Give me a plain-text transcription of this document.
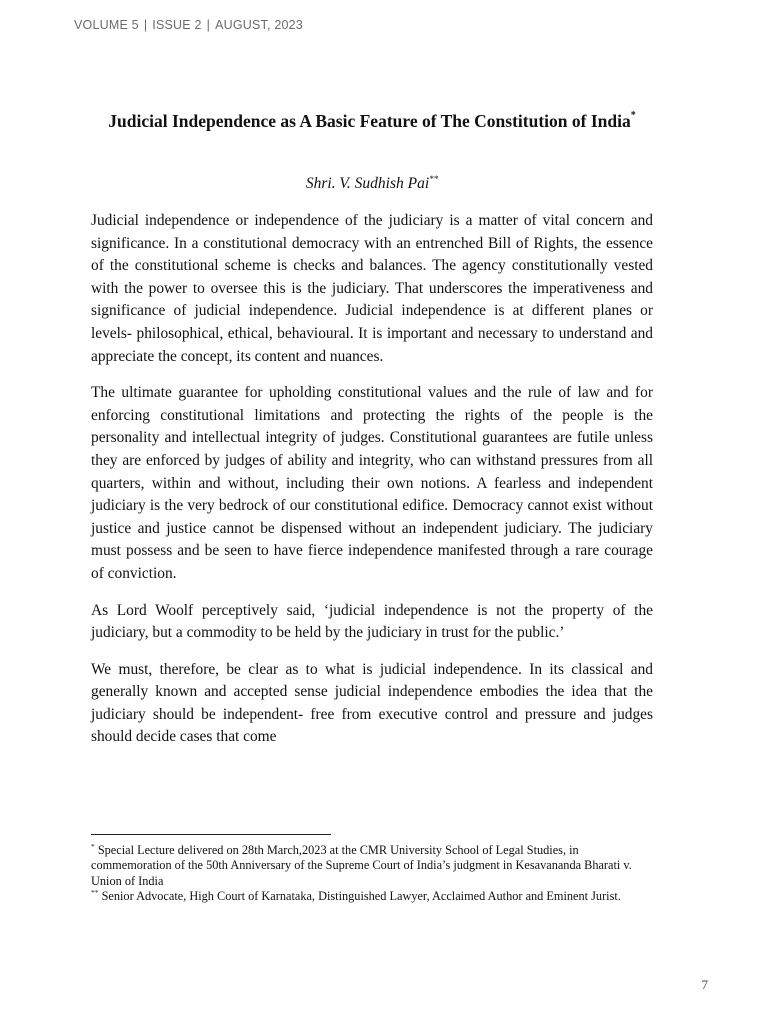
VOLUME 5 | ISSUE 2 | AUGUST, 2023
Judicial Independence as A Basic Feature of The Constitution of India*
Shri. V. Sudhish Pai**

Judicial independence or independence of the judiciary is a matter of vital concern and significance. In a constitutional democracy with an entrenched Bill of Rights, the essence of the constitutional scheme is checks and balances. The agency constitutionally vested with the power to oversee this is the judiciary. That underscores the imperativeness and significance of judicial independence. Judicial independence is at different planes or levels- philosophical, ethical, behavioural. It is important and necessary to understand and appreciate the concept, its content and nuances.

The ultimate guarantee for upholding constitutional values and the rule of law and for enforcing constitutional limitations and protecting the rights of the people is the personality and intellectual integrity of judges. Constitutional guarantees are futile unless they are enforced by judges of ability and integrity, who can withstand pressures from all quarters, within and without, including their own notions. A fearless and independent judiciary is the very bedrock of our constitutional edifice. Democracy cannot exist without justice and justice cannot be dispensed without an independent judiciary. The judiciary must possess and be seen to have fierce independence manifested through a rare courage of conviction.

As Lord Woolf perceptively said, ‘judicial independence is not the property of the judiciary, but a commodity to be held by the judiciary in trust for the public.’

We must, therefore, be clear as to what is judicial independence. In its classical and generally known and accepted sense judicial independence embodies the idea that the judiciary should be independent- free from executive control and pressure and judges should decide cases that come

* Special Lecture delivered on 28th March,2023 at the CMR University School of Legal Studies, in commemoration of the 50th Anniversary of the Supreme Court of India’s judgment in Kesavananda Bharati v. Union of India

** Senior Advocate, High Court of Karnataka, Distinguished Lawyer, Acclaimed Author and Eminent Jurist.

7
